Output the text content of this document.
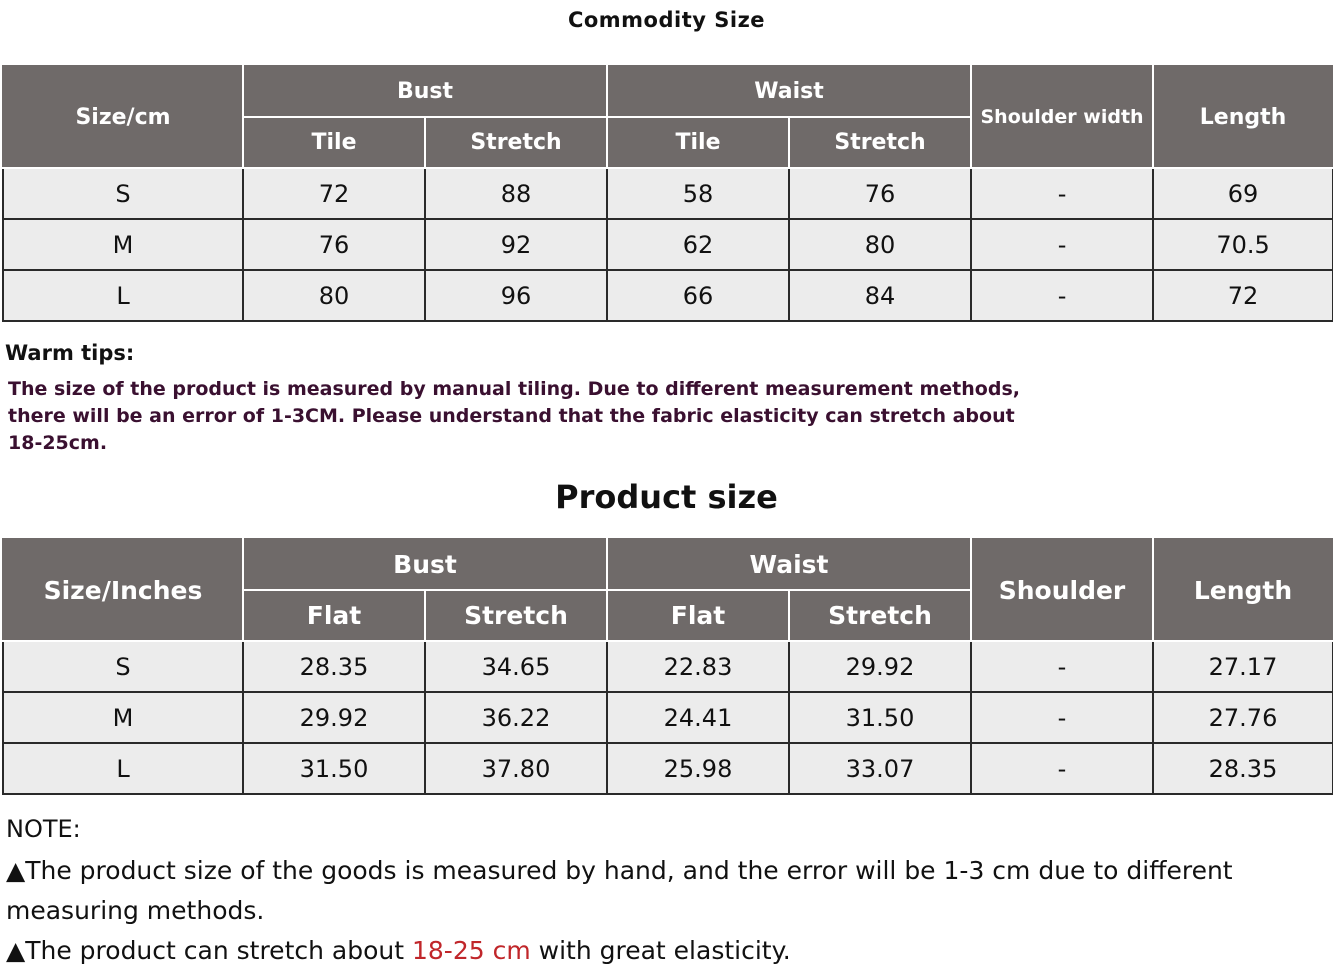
Commodity Size
Size/cm	Bust		Waist		Shoulder width	Length
	Tile	Stretch	Tile	Stretch		
S	72	88	58	76	-	69
M	76	92	62	80	-	70.5
L	80	96	66	84	-	72
Warm tips:
The size of the product is measured by manual tiling. Due to different measurement methods, there will be an error of 1-3CM. Please understand that the fabric elasticity can stretch about 18-25cm.
Product size
Size/Inches	Bust		Waist		Shoulder	Length
	Flat	Stretch	Flat	Stretch		
S	28.35	34.65	22.83	29.92	-	27.17
M	29.92	36.22	24.41	31.50	-	27.76
L	31.50	37.80	25.98	33.07	-	28.35
NOTE:
▲The product size of the goods is measured by hand, and the error will be 1-3 cm due to different measuring methods.
▲The product can stretch about 18-25 cm with great elasticity.
